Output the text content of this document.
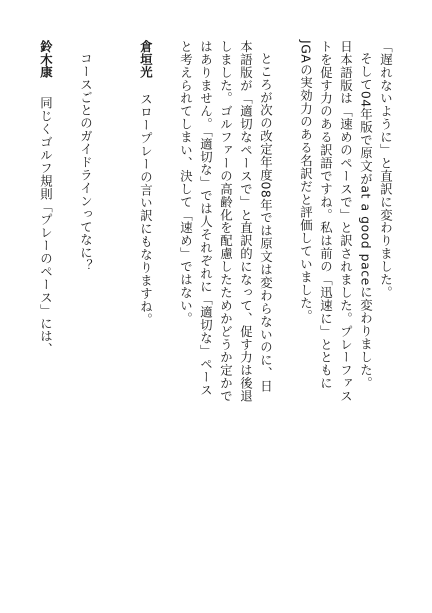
「遅れないように」と直訳に変わりました。
そして04年版で原文がat a good paceに変わりました。
日本語版は「速めのペースで」と訳されました。プレーファス
トを促す力のある訳語ですね。私は前の「迅速に」とともに
JGAの実効力のある名訳だと評価していました。
ところが次の改定年度08年では原文は変わらないのに、日
本語版が「適切なペースで」と直訳的になって、促す力は後退
しました。ゴルファーの高齢化を配慮したためかどうか定かで
はありません。「適切な」では人それぞれに「適切な」ペース
と考えられてしまい、決して「速め」ではない。
倉垣光スロープレーの言い訳にもなりますね。
コースごとのガイドラインってなに？
鈴木康同じくゴルフ規則「プレーのペース」には、
